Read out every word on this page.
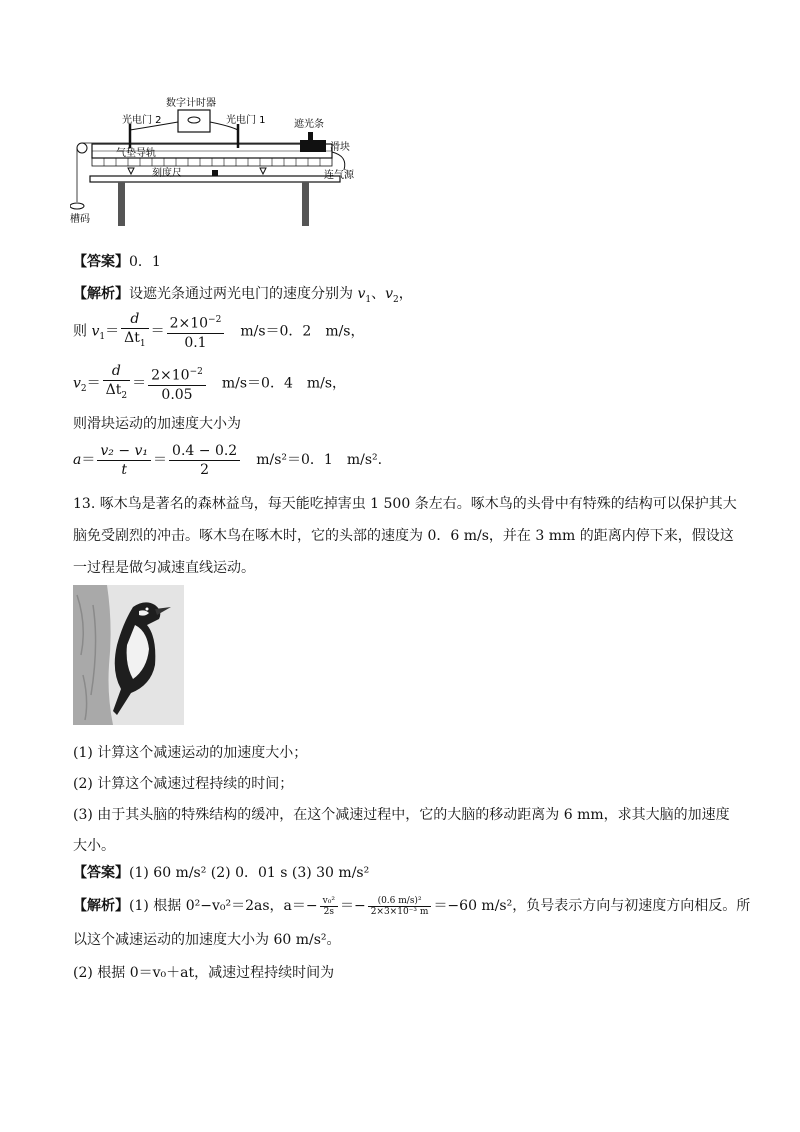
数字计时器
光电门 2	光电门 1	遮光条
滑块
气垫导轨
刻度尺	连气源
槽码
【答案】0．1
【解析】设遮光条通过两光电门的速度分别为 $v_1$、$v_2$，
则 $v_1= \frac{d}{\Delta t_1} = \frac{2\times 10^{-2}}{0.1}$
　 m/s＝0．2　m/s，
$v_2= \frac{d}{\Delta t_2} = \frac{2\times 10^{-2}}{0.05}$
　 m/s＝0．4　m/s，
则滑块运动的加速度大小为
$a= \frac{\text{v₂ − v₁}}{t} = \frac{0.4 - 0.2}{2}$
　 m/s²＝0．1　m/s².
13. 啄木鸟是著名的森林益鸟，每天能吃掉害虫 1 500 条左右。啄木鸟的头骨中有特殊的结构可以保护其大
脑免受剧烈的冲击。啄木鸟在啄木时，它的头部的速度为 0．6 m/s，并在 3 mm 的距离内停下来，假设这
一过程是做匀减速直线运动。
(1) 计算这个减速运动的加速度大小；
(2) 计算这个减速过程持续的时间；
(3) 由于其头脑的特殊结构的缓冲，在这个减速过程中，它的大脑的移动距离为 6 mm，求其大脑的加速度
大小。
【答案】(1) 60 m/s² (2) 0．01 s (3) 30 m/s²
【解析】(1) 根据 0²−v₀²＝2as，$a=- \frac{\text{v₀²}}{2s} =- \frac{\text{(0.6 m/s)²}}{\text{2×3×10⁻³ m}} =-60$ m/s²，负号表示方向与初速度方向相反。所
以这个减速运动的加速度大小为 60 m/s²。
(2) 根据 0＝v₀＋at，减速过程持续时间为
